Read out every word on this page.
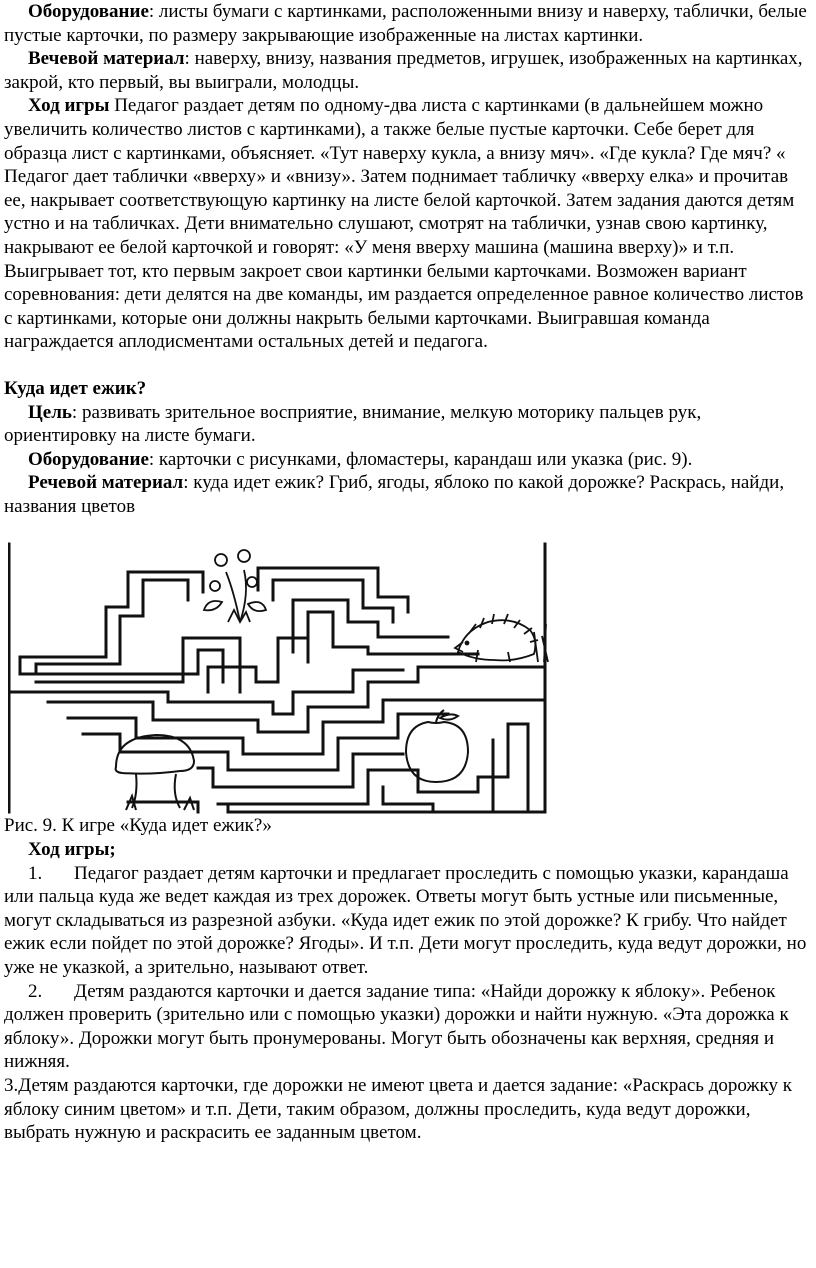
Оборудование: листы бумаги с картинками, расположенными внизу и наверху, таблички, белые пустые карточки, по размеру закрывающие изображенные на листах картинки.

Вечевой материал: наверху, внизу, названия предметов, игрушек, изображенных на картинках, закрой, кто первый, вы выиграли, молодцы.

Ход игры Педагог раздает детям по одному-два листа с картинками (в дальнейшем можно увеличить количество листов с картинками), а также белые пустые карточки. Себе берет для образца лист с картинками, объясняет. «Тут наверху кукла, а внизу мяч». «Где кукла? Где мяч? « Педагог дает таблички «вверху» и «внизу». Затем поднимает табличку «вверху елка» и прочитав ее, накрывает соответствующую картинку на листе белой карточкой. Затем задания даются детям устно и на табличках. Дети внимательно слушают, смотрят на таблички, узнав свою картинку, накрывают ее белой карточкой и говорят: «У меня вверху машина (машина вверху)» и т.п. Выигрывает тот, кто первым закроет свои картинки белыми карточками. Возможен вариант соревнования: дети делятся на две команды, им раздается определенное равное количество листов с картинками, которые они должны накрыть белыми карточками. Выигравшая команда награждается аплодисментами остальных детей и педагога.

Куда идет ежик?

Цель: развивать зрительное восприятие, внимание, мелкую моторику пальцев рук, ориентировку на листе бумаги.

Оборудование: карточки с рисунками, фломастеры, карандаш или указка (рис. 9).

Речевой материал: куда идет ежик? Гриб, ягоды, яблоко по какой дорожке? Раскрась, найди, названия цветов

Рис. 9. К игре «Куда идет ежик?»

Ход игры;

1. Педагог раздает детям карточки и предлагает проследить с помощью указки, карандаша или пальца куда же ведет каждая из трех дорожек. Ответы могут быть устные или письменные, могут складываться из разрезной азбуки. «Куда идет ежик по этой дорожке? К грибу. Что найдет ежик если пойдет по этой дорожке? Ягоды». И т.п. Дети могут проследить, куда ведут дорожки, но уже не указкой, а зрительно, называют ответ.

2. Детям раздаются карточки и дается задание типа: «Найди дорожку к яблоку». Ребенок должен проверить (зрительно или с помощью указки) дорожки и найти нужную. «Эта дорожка к яблоку». Дорожки могут быть пронумерованы. Могут быть обозначены как верхняя, средняя и нижняя.

3.Детям раздаются карточки, где дорожки не имеют цвета и дается задание: «Раскрась дорожку к яблоку синим цветом» и т.п. Дети, таким образом, должны проследить, куда ведут дорожки, выбрать нужную и раскрасить ее заданным цветом.
